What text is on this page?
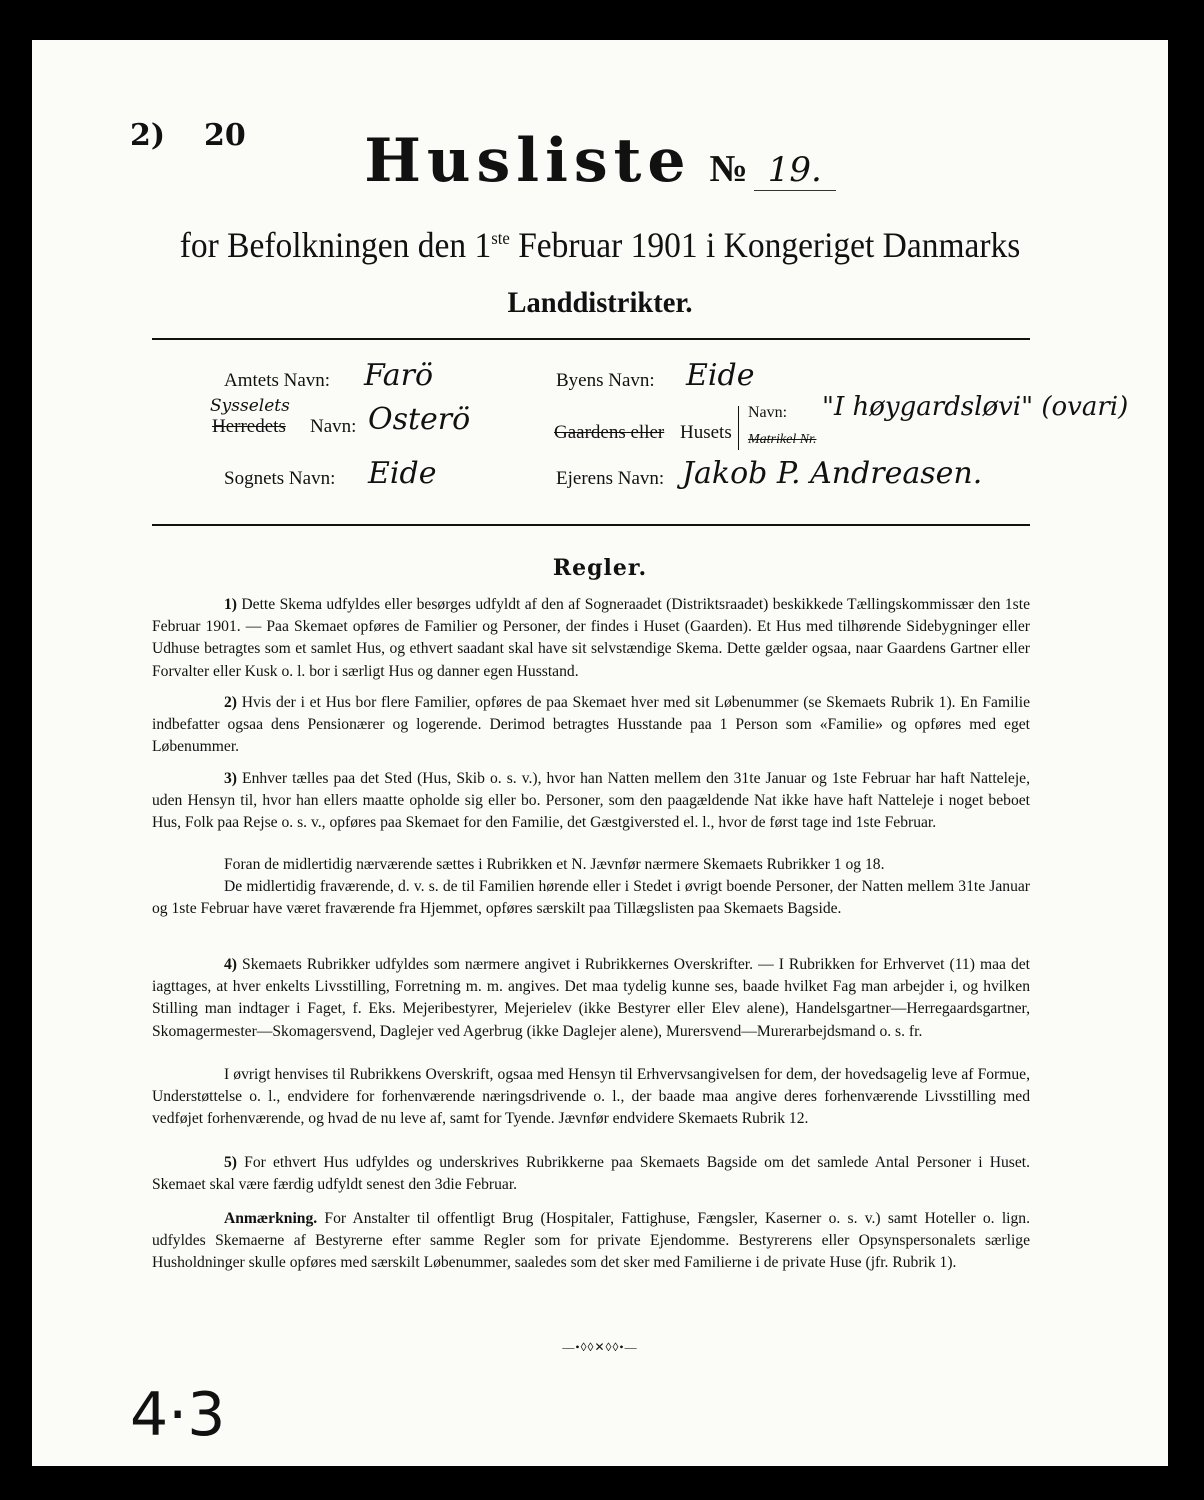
2) 20	Husliste № 19.
for Befolkningen den 1ste Februar 1901 i Kongeriget Danmarks
Landdistrikter.
Amtets Navn: Farö	Byens Navn: Eide
Sysselets
Herredets Navn: Osterö	Gaardens eller Husets
Navn: "I høygardsløvi" (ovari)
Matrikel Nr.
Sognets Navn: Eide	Ejerens Navn: Jakob P. Andreasen.
Regler.
1) Dette Skema udfyldes eller besørges udfyldt af den af Sogneraadet (Distriktsraadet) beskikkede Tællingskommissær den 1ste Februar 1901. — Paa Skemaet opføres de Familier og Personer, der findes i Huset (Gaarden). Et Hus med tilhørende Sidebygninger eller Udhuse betragtes som et samlet Hus, og ethvert saadant skal have sit selvstændige Skema. Dette gælder ogsaa, naar Gaardens Gartner eller Forvalter eller Kusk o. l. bor i særligt Hus og danner egen Husstand.
2) Hvis der i et Hus bor flere Familier, opføres de paa Skemaet hver med sit Løbenummer (se Skemaets Rubrik 1). En Familie indbefatter ogsaa dens Pensionærer og logerende. Derimod betragtes Husstande paa 1 Person som «Familie» og opføres med eget Løbenummer.
3) Enhver tælles paa det Sted (Hus, Skib o. s. v.), hvor han Natten mellem den 31te Januar og 1ste Februar har haft Natteleje, uden Hensyn til, hvor han ellers maatte opholde sig eller bo. Personer, som den paagældende Nat ikke have haft Natteleje i noget beboet Hus, Folk paa Rejse o. s. v., opføres paa Skemaet for den Familie, det Gæstgiversted el. l., hvor de først tage ind 1ste Februar.
Foran de midlertidig nærværende sættes i Rubrikken et N. Jævnfør nærmere Skemaets Rubrikker 1 og 18.
De midlertidig fraværende, d. v. s. de til Familien hørende eller i Stedet i øvrigt boende Personer, der Natten mellem 31te Januar og 1ste Februar have været fraværende fra Hjemmet, opføres særskilt paa Tillægslisten paa Skemaets Bagside.
4) Skemaets Rubrikker udfyldes som nærmere angivet i Rubrikkernes Overskrifter. — I Rubrikken for Erhvervet (11) maa det iagttages, at hver enkelts Livsstilling, Forretning m. m. angives. Det maa tydelig kunne ses, baade hvilket Fag man arbejder i, og hvilken Stilling man indtager i Faget, f. Eks. Mejeribestyrer, Mejerielev (ikke Bestyrer eller Elev alene), Handelsgartner—Herregaardsgartner, Skomagermester—Skomagersvend, Daglejer ved Agerbrug (ikke Daglejer alene), Murersvend—Murerarbejdsmand o. s. fr.
I øvrigt henvises til Rubrikkens Overskrift, ogsaa med Hensyn til Erhvervsangivelsen for dem, der hovedsagelig leve af Formue, Understøttelse o. l., endvidere for forhenværende næringsdrivende o. l., der baade maa angive deres forhenværende Livsstilling med vedføjet forhenværende, og hvad de nu leve af, samt for Tyende. Jævnfør endvidere Skemaets Rubrik 12.
5) For ethvert Hus udfyldes og underskrives Rubrikkerne paa Skemaets Bagside om det samlede Antal Personer i Huset. Skemaet skal være færdig udfyldt senest den 3die Februar.
Anmærkning. For Anstalter til offentligt Brug (Hospitaler, Fattighuse, Fængsler, Kaserner o. s. v.) samt Hoteller o. lign. udfyldes Skemaerne af Bestyrerne efter samme Regler som for private Ejendomme. Bestyrerens eller Opsynspersonalets særlige Husholdninger skulle opføres med særskilt Løbenummer, saaledes som det sker med Familierne i de private Huse (jfr. Rubrik 1).
—•◊◊✕◊◊•—
4·3
